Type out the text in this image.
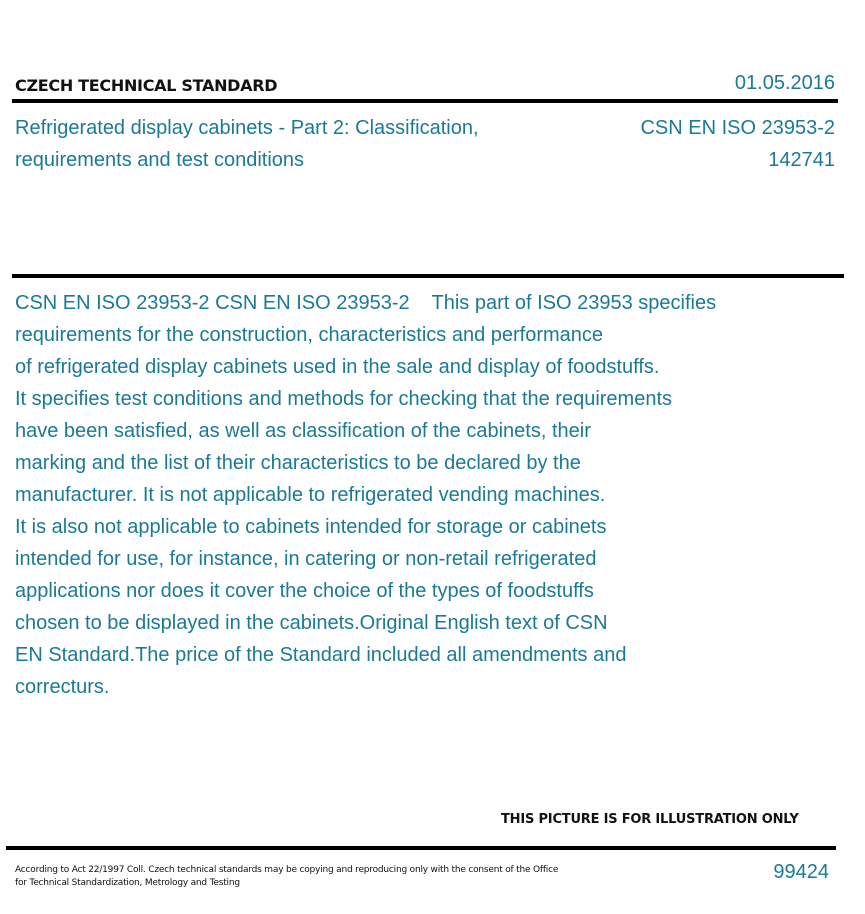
CZECH TECHNICAL STANDARD	01.05.2016
Refrigerated display cabinets - Part 2: Classification,
requirements and test conditions
CSN EN ISO 23953-2
142741
CSN EN ISO 23953-2 CSN EN ISO 23953-2    This part of ISO 23953 specifies
requirements for the construction, characteristics and performance
of refrigerated display cabinets used in the sale and display of foodstuffs.
It specifies test conditions and methods for checking that the requirements
have been satisfied, as well as classification of the cabinets, their
marking and the list of their characteristics to be declared by the
manufacturer. It is not applicable to refrigerated vending machines.
It is also not applicable to cabinets intended for storage or cabinets
intended for use, for instance, in catering or non-retail refrigerated
applications nor does it cover the choice of the types of foodstuffs
chosen to be displayed in the cabinets.Original English text of CSN
EN Standard.The price of the Standard included all amendments and
correcturs.
THIS PICTURE IS FOR ILLUSTRATION ONLY
According to Act 22/1997 Coll. Czech technical standards may be copying and reproducing only with the consent of the Office
for Technical Standardization, Metrology and Testing	99424
